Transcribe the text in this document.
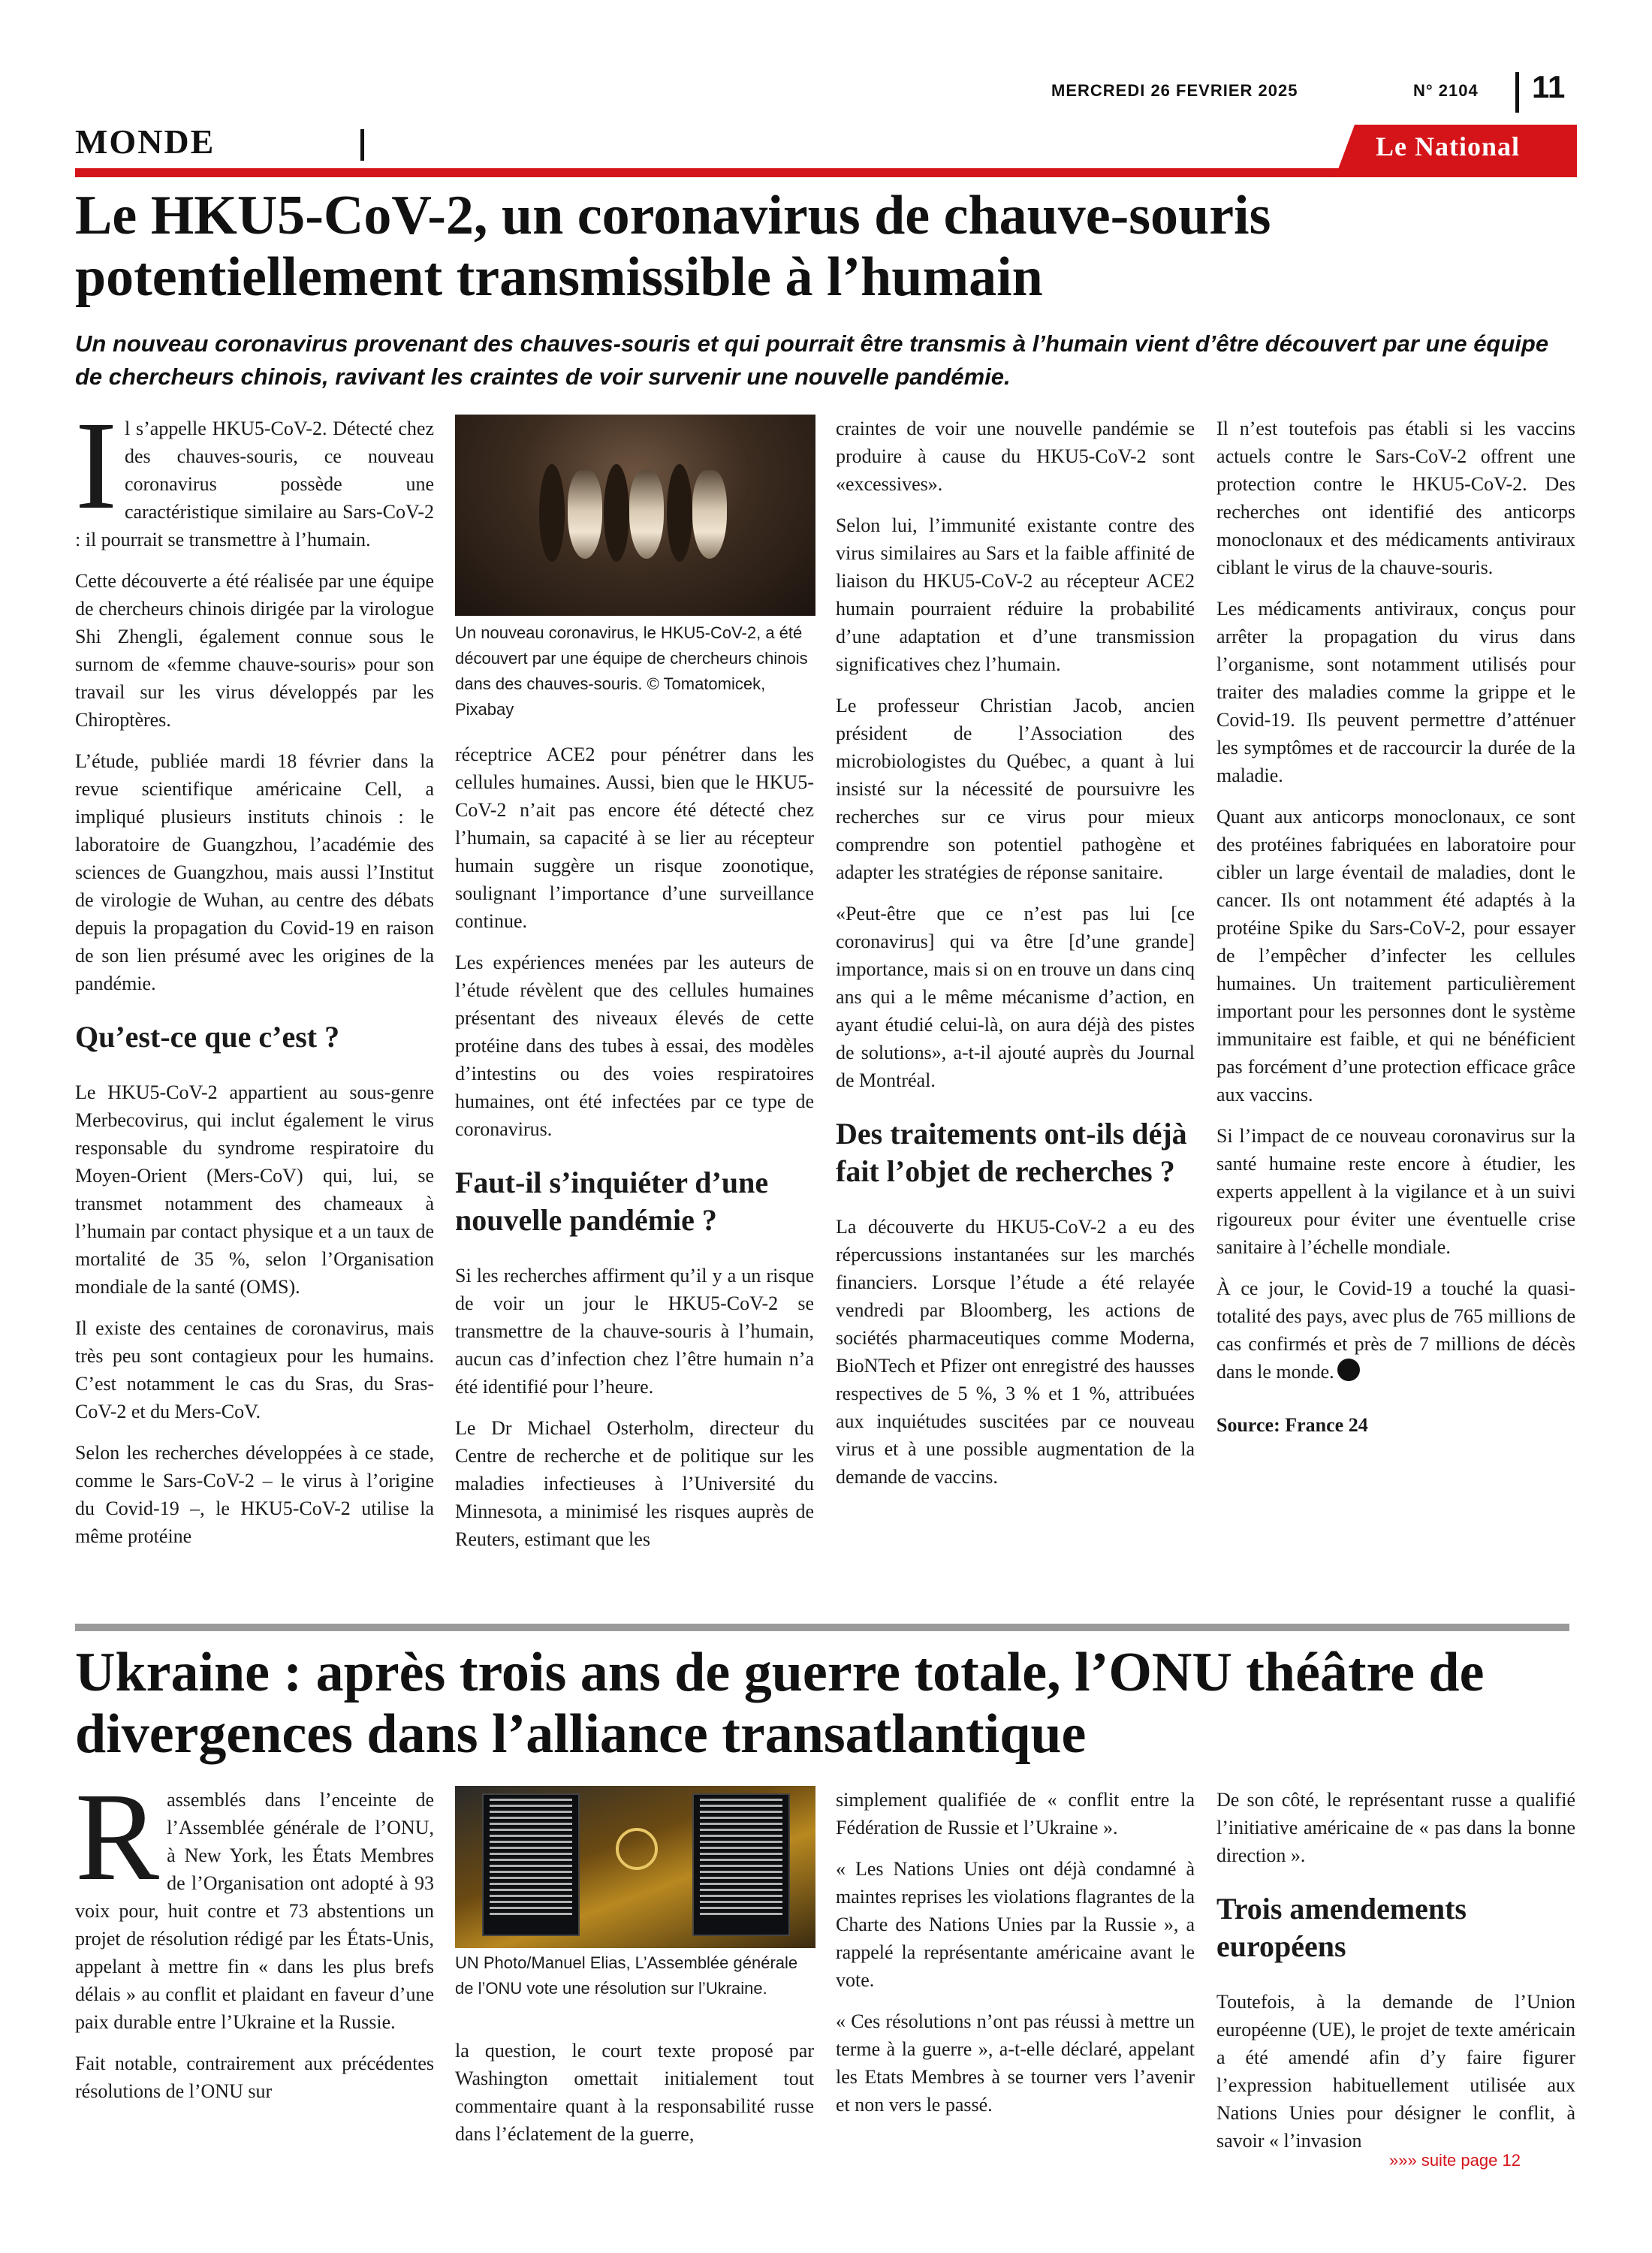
MERCREDI 26 FEVRIER 2025	N° 2104 11
MONDE	Le National
Le HKU5-CoV-2, un coronavirus de chauve-souris
potentiellement transmissible à l’humain
Un nouveau coronavirus provenant des chauves-souris et qui pourrait être transmis à l’humain vient d’être découvert par une équipe
de chercheurs chinois, ravivant les craintes de voir survenir une nouvelle pandémie.

Il s’appelle HKU5-CoV-2. Détecté chez des chauves-souris, ce nouveau coronavirus possède une caractéristique similaire au Sars-CoV-2 : il pourrait se transmettre à l’humain.

Cette découverte a été réalisée par une équipe de chercheurs chinois dirigée par la virologue Shi Zhengli, également connue sous le surnom de «femme chauve-souris» pour son travail sur les virus développés par les Chiroptères.

L’étude, publiée mardi 18 février dans la revue scientifique américaine Cell, a impliqué plusieurs instituts chinois : le laboratoire de Guangzhou, l’académie des sciences de Guangzhou, mais aussi l’Institut de virologie de Wuhan, au centre des débats depuis la propagation du Covid-19 en raison de son lien présumé avec les origines de la pandémie.

Qu’est-ce que c’est ?

Le HKU5-CoV-2 appartient au sous-genre Merbecovirus, qui inclut également le virus responsable du syndrome respiratoire du Moyen-Orient (Mers-CoV) qui, lui, se transmet notamment des chameaux à l’humain par contact physique et a un taux de mortalité de 35 %, selon l’Organisation mondiale de la santé (OMS).

Il existe des centaines de coronavirus, mais très peu sont contagieux pour les humains. C’est notamment le cas du Sras, du Sras-CoV-2 et du Mers-CoV.

Selon les recherches développées à ce stade, comme le Sars-CoV-2 – le virus à l’origine du Covid-19 –, le HKU5-CoV-2 utilise la même protéine

Un nouveau coronavirus, le HKU5-CoV-2, a été découvert par une équipe de chercheurs chinois dans des chauves-souris. © Tomatomicek, Pixabay

réceptrice ACE2 pour pénétrer dans les cellules humaines. Aussi, bien que le HKU5-CoV-2 n’ait pas encore été détecté chez l’humain, sa capacité à se lier au récepteur humain suggère un risque zoonotique, soulignant l’importance d’une surveillance continue.

Les expériences menées par les auteurs de l’étude révèlent que des cellules humaines présentant des niveaux élevés de cette protéine dans des tubes à essai, des modèles d’intestins ou des voies respiratoires humaines, ont été infectées par ce type de coronavirus.

Faut-il s’inquiéter d’une nouvelle pandémie ?

Si les recherches affirment qu’il y a un risque de voir un jour le HKU5-CoV-2 se transmettre de la chauve-souris à l’humain, aucun cas d’infection chez l’être humain n’a été identifié pour l’heure.

Le Dr Michael Osterholm, directeur du Centre de recherche et de politique sur les maladies infectieuses à l’Université du Minnesota, a minimisé les risques auprès de Reuters, estimant que les

craintes de voir une nouvelle pandémie se produire à cause du HKU5-CoV-2 sont «excessives».

Selon lui, l’immunité existante contre des virus similaires au Sars et la faible affinité de liaison du HKU5-CoV-2 au récepteur ACE2 humain pourraient réduire la probabilité d’une adaptation et d’une transmission significatives chez l’humain.

Le professeur Christian Jacob, ancien président de l’Association des microbiologistes du Québec, a quant à lui insisté sur la nécessité de poursuivre les recherches sur ce virus pour mieux comprendre son potentiel pathogène et adapter les stratégies de réponse sanitaire.

«Peut-être que ce n’est pas lui [ce coronavirus] qui va être [d’une grande] importance, mais si on en trouve un dans cinq ans qui a le même mécanisme d’action, en ayant étudié celui-là, on aura déjà des pistes de solutions», a-t-il ajouté auprès du Journal de Montréal.

Des traitements ont-ils déjà fait l’objet de recherches ?

La découverte du HKU5-CoV-2 a eu des répercussions instantanées sur les marchés financiers. Lorsque l’étude a été relayée vendredi par Bloomberg, les actions de sociétés pharmaceutiques comme Moderna, BioNTech et Pfizer ont enregistré des hausses respectives de 5 %, 3 % et 1 %, attribuées aux inquiétudes suscitées par ce nouveau virus et à une possible augmentation de la demande de vaccins.

Il n’est toutefois pas établi si les vaccins actuels contre le Sars-CoV-2 offrent une protection contre le HKU5-CoV-2. Des recherches ont identifié des anticorps monoclonaux et des médicaments antiviraux ciblant le virus de la chauve-souris.

Les médicaments antiviraux, conçus pour arrêter la propagation du virus dans l’organisme, sont notamment utilisés pour traiter des maladies comme la grippe et le Covid-19. Ils peuvent permettre d’atténuer les symptômes et de raccourcir la durée de la maladie.

Quant aux anticorps monoclonaux, ce sont des protéines fabriquées en laboratoire pour cibler un large éventail de maladies, dont le cancer. Ils ont notamment été adaptés à la protéine Spike du Sars-CoV-2, pour essayer de l’empêcher d’infecter les cellules humaines. Un traitement particulièrement important pour les personnes dont le système immunitaire est faible, et qui ne bénéficient pas forcément d’une protection efficace grâce aux vaccins.

Si l’impact de ce nouveau coronavirus sur la santé humaine reste encore à étudier, les experts appellent à la vigilance et à un suivi rigoureux pour éviter une éventuelle crise sanitaire à l’échelle mondiale.

À ce jour, le Covid-19 a touché la quasi-totalité des pays, avec plus de 765 millions de cas confirmés et près de 7 millions de décès dans le monde.

Source: France 24

Ukraine : après trois ans de guerre totale, l’ONU théâtre de
divergences dans l’alliance transatlantique

Rassemblés dans l’enceinte de l’Assemblée générale de l’ONU, à New York, les États Membres de l’Organisation ont adopté à 93 voix pour, huit contre et 73 abstentions un projet de résolution rédigé par les États-Unis, appelant à mettre fin « dans les plus brefs délais » au conflit et plaidant en faveur d’une paix durable entre l’Ukraine et la Russie.

Fait notable, contrairement aux précédentes résolutions de l’ONU sur

UN Photo/Manuel Elias, L’Assemblée générale de l’ONU vote une résolution sur l’Ukraine.

la question, le court texte proposé par Washington omettait initialement tout commentaire quant à la responsabilité russe dans l’éclatement de la guerre,

simplement qualifiée de « conflit entre la Fédération de Russie et l’Ukraine ».

« Les Nations Unies ont déjà condamné à maintes reprises les violations flagrantes de la Charte des Nations Unies par la Russie », a rappelé la représentante américaine avant le vote.

« Ces résolutions n’ont pas réussi à mettre un terme à la guerre », a-t-elle déclaré, appelant les Etats Membres à se tourner vers l’avenir et non vers le passé.

De son côté, le représentant russe a qualifié l’initiative américaine de « pas dans la bonne direction ».

Trois amendements européens

Toutefois, à la demande de l’Union européenne (UE), le projet de texte américain a été amendé afin d’y faire figurer l’expression habituellement utilisée aux Nations Unies pour désigner le conflit, à savoir « l’invasion

»»» suite page 12
